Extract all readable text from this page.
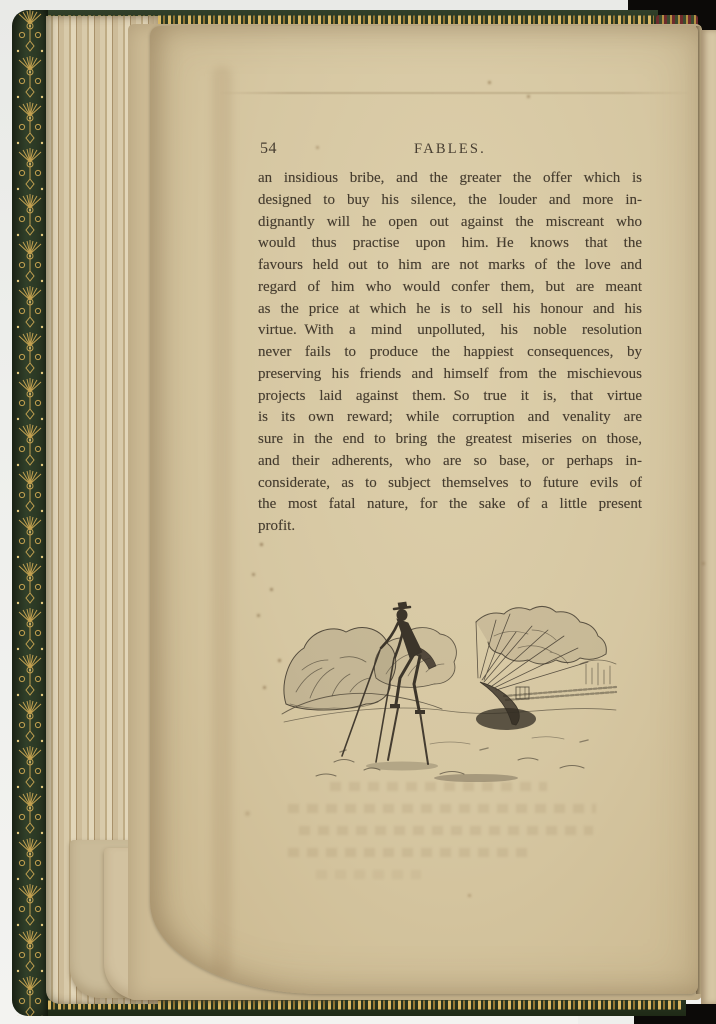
54	FABLES.
an insidious bribe, and the greater the offer which is
designed to buy his silence, the louder and more in-
dignantly will he open out against the miscreant who
would thus practise upon him. He knows that the
favours held out to him are not marks of the love and
regard of him who would confer them, but are meant
as the price at which he is to sell his honour and his
virtue. With a mind unpolluted, his noble resolution
never fails to produce the happiest consequences, by
preserving his friends and himself from the mischievous
projects laid against them. So true it is, that virtue
is its own reward; while corruption and venality are
sure in the end to bring the greatest miseries on those,
and their adherents, who are so base, or perhaps in-
considerate, as to subject themselves to future evils of
the most fatal nature, for the sake of a little present
profit.
